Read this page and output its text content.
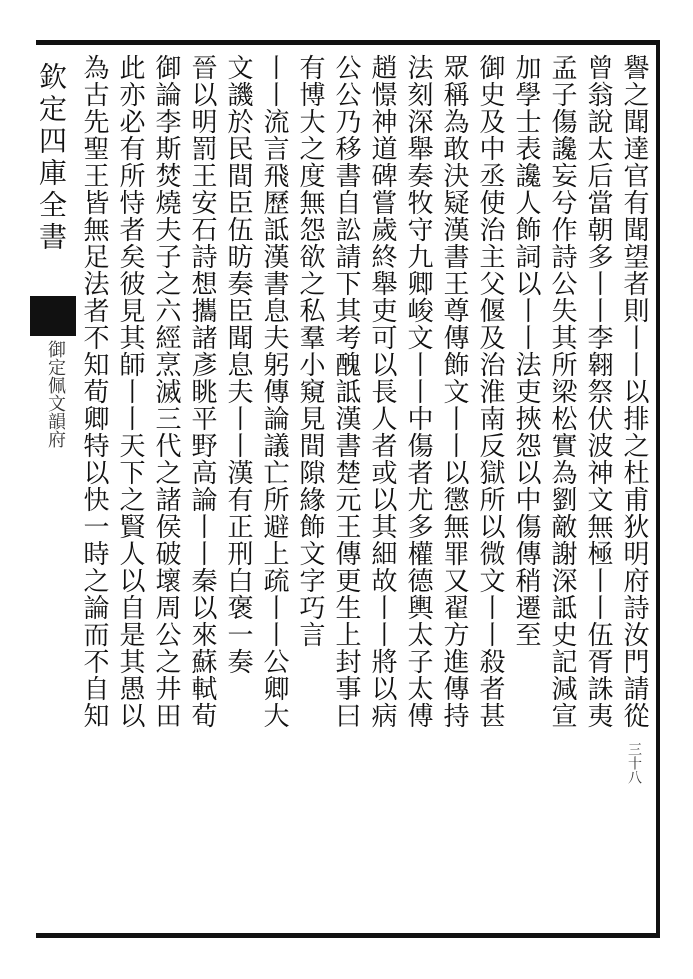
欽定四庫全書
御定佩文韻府	譽之聞達官有聞望者則丨丨以排之杜甫狄明府詩汝門請從
曾翁說太后當朝多丨丨李翱祭伏波神文無極丨丨伍胥誅夷
孟子傷讒妄兮作詩公失其所梁松實為劉敵謝深詆史記減宣
加學士表讒人飾詞以丨丨法吏挾怨以中傷傳稍遷至
御史及中丞使治主父偃及治淮南反獄所以微文丨丨殺者甚
眾稱為敢決疑漢書王尊傳飾文丨丨以懲無罪又翟方進傳持
法刻深舉奏牧守九卿峻文丨丨中傷者尤多權德輿太子太傅
趙憬神道碑嘗歲終舉吏可以長人者或以其細故丨丨將以病
公公乃移書自訟請下其考醜詆漢書楚元王傳更生上封事曰
有博大之度無怨欲之私羣小窺見間隙緣飾文字巧言
丨丨流言飛歷詆漢書息夫躬傳論議亡所避上疏丨丨公卿大
文譏於民間臣伍昉奏臣聞息夫丨丨漢有正刑白褒一奏
晉以明罰王安石詩想攜諸彥眺平野高論丨丨秦以來蘇軾荀
御論李斯焚燒夫子之六經烹滅三代之諸侯破壞周公之井田
此亦必有所恃者矣彼見其師丨丨天下之賢人以自是其愚以
為古先聖王皆無足法者不知荀卿特以快一時之論而不自知
三十八
